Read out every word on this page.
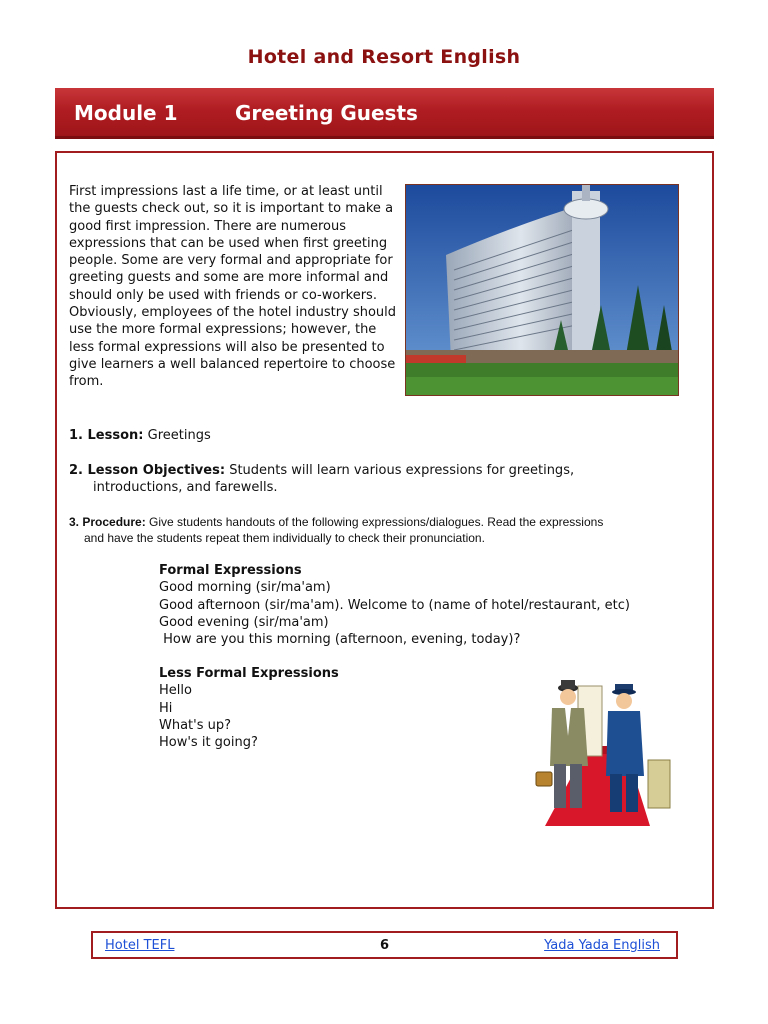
Hotel and Resort English
Module 1	Greeting Guests
First impressions last a life time, or at least until the guests check out, so it is important to make a good first impression. There are numerous expressions that can be used when first greeting people. Some are very formal and appropriate for greeting guests and some are more informal and should only be used with friends or co-workers. Obviously, employees of the hotel industry should use the more formal expressions; however, the less formal expressions will also be presented to give learners a well balanced repertoire to choose from.
1. Lesson: Greetings
2. Lesson Objectives: Students will learn various expressions for greetings,
introductions, and farewells.
3. Procedure: Give students handouts of the following expressions/dialogues. Read the expressions
and have the students repeat them individually to check their pronunciation.
Formal Expressions
Good morning (sir/ma'am)
Good afternoon (sir/ma'am). Welcome to (name of hotel/restaurant, etc)
Good evening (sir/ma'am)
How are you this morning (afternoon, evening, today)?
Less Formal Expressions
Hello
Hi
What's up?
How's it going?
6
Hotel TEFL	Yada Yada English
